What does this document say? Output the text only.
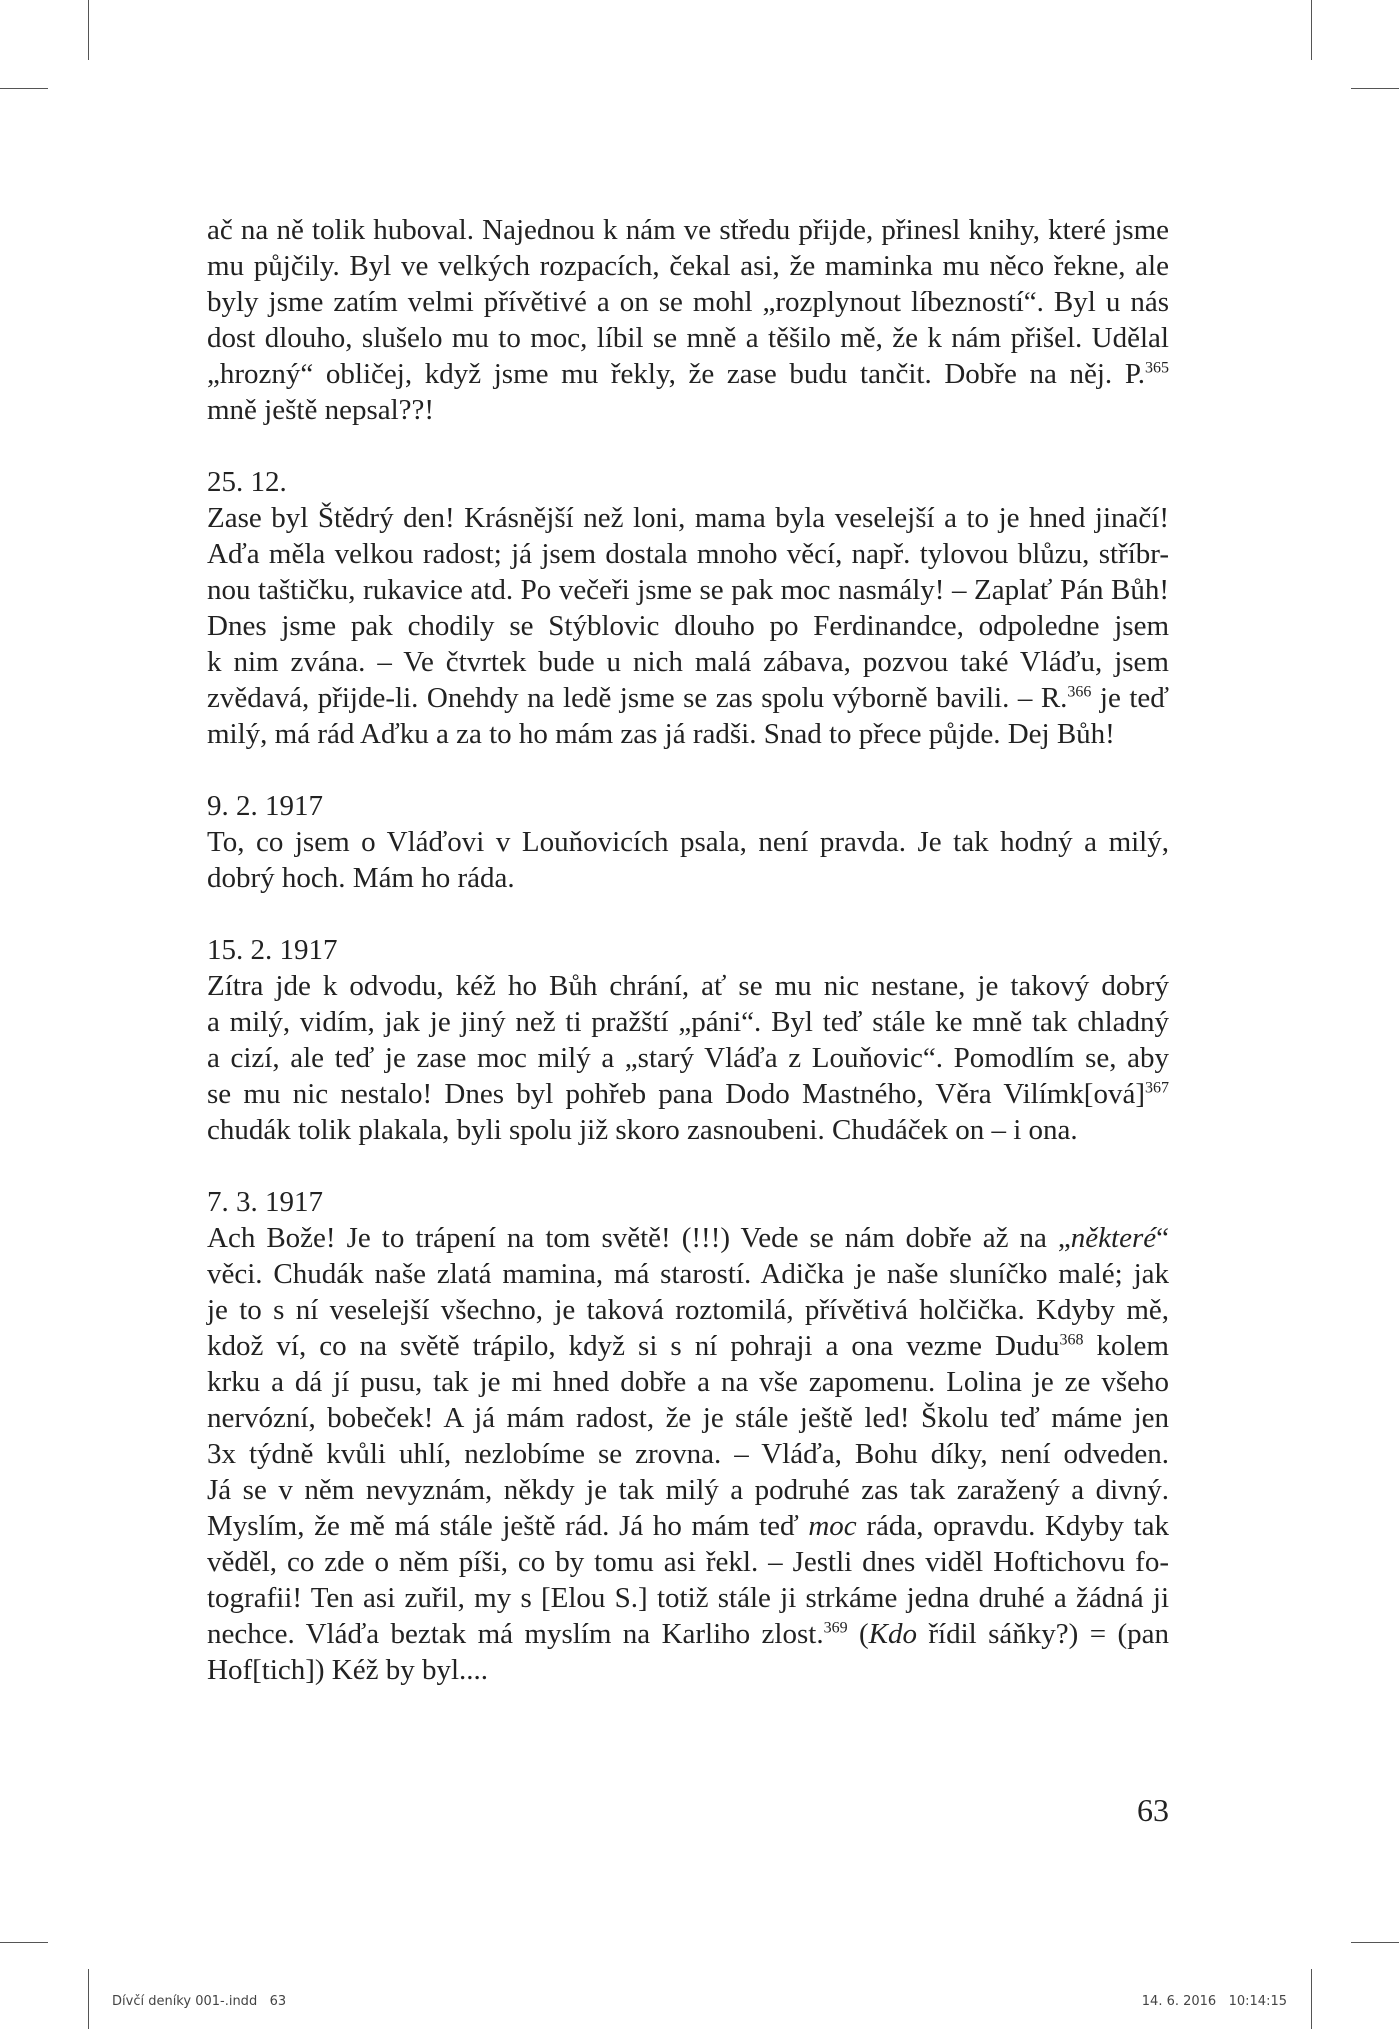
ač na ně tolik huboval. Najednou k nám ve středu přijde, přinesl knihy, které jsme
mu půjčily. Byl ve velkých rozpacích, čekal asi, že maminka mu něco řekne, ale
byly jsme zatím velmi přívětivé a on se mohl „rozplynout líbezností“. Byl u nás
dost dlouho, slušelo mu to moc, líbil se mně a těšilo mě, že k nám přišel. Udělal
„hrozný“ obličej, když jsme mu řekly, že zase budu tančit. Dobře na něj. P.$^{365}$
mně ještě nepsal??!
25. 12.
Zase byl Štědrý den! Krásnější než loni, mama byla veselejší a to je hned jinačí!
Aďa měla velkou radost; já jsem dostala mnoho věcí, např. tylovou blůzu, stříbr-
nou taštičku, rukavice atd. Po večeři jsme se pak moc nasmály! – Zaplať Pán Bůh!
Dnes jsme pak chodily se Stýblovic dlouho po Ferdinandce, odpoledne jsem
k nim zvána. – Ve čtvrtek bude u nich malá zábava, pozvou také Vláďu, jsem
zvědavá, přijde-li. Onehdy na ledě jsme se zas spolu výborně bavili. – R.$^{366}$ je teď
milý, má rád Aďku a za to ho mám zas já radši. Snad to přece půjde. Dej Bůh!
9. 2. 1917
To, co jsem o Vláďovi v Louňovicích psala, není pravda. Je tak hodný a milý,
dobrý hoch. Mám ho ráda.
15. 2. 1917
Zítra jde k odvodu, kéž ho Bůh chrání, ať se mu nic nestane, je takový dobrý
a milý, vidím, jak je jiný než ti pražští „páni“. Byl teď stále ke mně tak chladný
a cizí, ale teď je zase moc milý a „starý Vláďa z Louňovic“. Pomodlím se, aby
se mu nic nestalo! Dnes byl pohřeb pana Dodo Mastného, Věra Vilímk[ová]$^{367}$
chudák tolik plakala, byli spolu již skoro zasnoubeni. Chudáček on – i ona.
7. 3. 1917
Ach Bože! Je to trápení na tom světě! (!!!) Vede se nám dobře až na „některé“
věci. Chudák naše zlatá mamina, má starostí. Adička je naše sluníčko malé; jak
je to s ní veselejší všechno, je taková roztomilá, přívětivá holčička. Kdyby mě,
kdož ví, co na světě trápilo, když si s ní pohraji a ona vezme Dudu$^{368}$ kolem
krku a dá jí pusu, tak je mi hned dobře a na vše zapomenu. Lolina je ze všeho
nervózní, bobeček! A já mám radost, že je stále ještě led! Školu teď máme jen
3x týdně kvůli uhlí, nezlobíme se zrovna. – Vláďa, Bohu díky, není odveden.
Já se v něm nevyznám, někdy je tak milý a podruhé zas tak zaražený a divný.
Myslím, že mě má stále ještě rád. Já ho mám teď moc ráda, opravdu. Kdyby tak
věděl, co zde o něm píši, co by tomu asi řekl. – Jestli dnes viděl Hoftichovu fo-
tografii! Ten asi zuřil, my s [Elou S.] totiž stále ji strkáme jedna druhé a žádná ji
nechce. Vláďa beztak má myslím na Karliho zlost.$^{369}$ (Kdo řídil sáňky?) = (pan
Hof[tich]) Kéž by byl....
63
Dívčí deníky 001-.indd   63	14. 6. 2016   10:14:15
